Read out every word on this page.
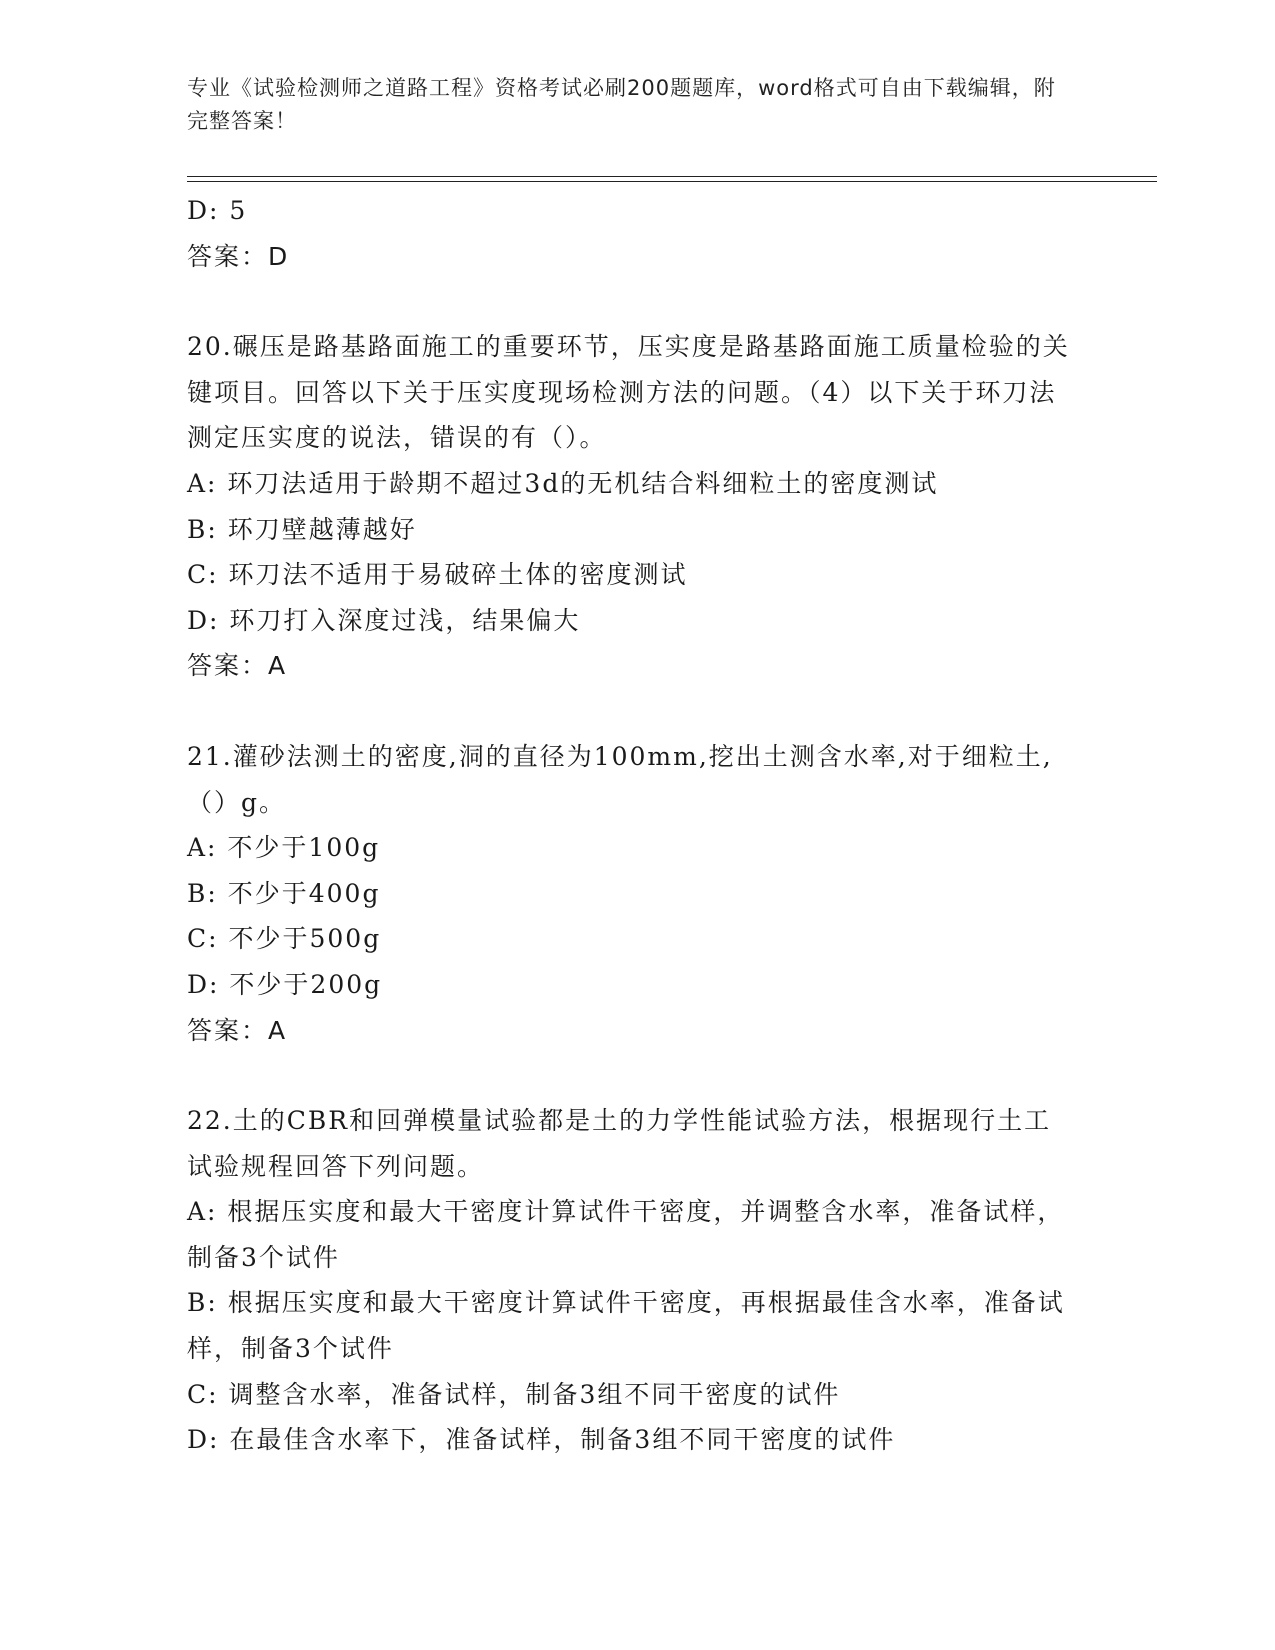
专业《试验检测师之道路工程》资格考试必刷200题题库，word格式可自由下载编辑，附完整答案！
D: 5
答案：D
20.碾压是路基路面施工的重要环节，压实度是路基路面施工质量检验的关键项目。回答以下关于压实度现场检测方法的问题。（4）以下关于环刀法测定压实度的说法，错误的有（）。
A: 环刀法适用于龄期不超过3d的无机结合料细粒土的密度测试
B: 环刀壁越薄越好
C: 环刀法不适用于易破碎土体的密度测试
D: 环刀打入深度过浅，结果偏大
答案：A
21.灌砂法测土的密度,洞的直径为100mm,挖出土测含水率,对于细粒土,（）g。
A: 不少于100g
B: 不少于400g
C: 不少于500g
D: 不少于200g
答案：A
22.土的CBR和回弹模量试验都是土的力学性能试验方法，根据现行土工试验规程回答下列问题。
A: 根据压实度和最大干密度计算试件干密度，并调整含水率，准备试样，制备3个试件
B: 根据压实度和最大干密度计算试件干密度，再根据最佳含水率，准备试样，制备3个试件
C: 调整含水率，准备试样，制备3组不同干密度的试件
D: 在最佳含水率下，准备试样，制备3组不同干密度的试件
